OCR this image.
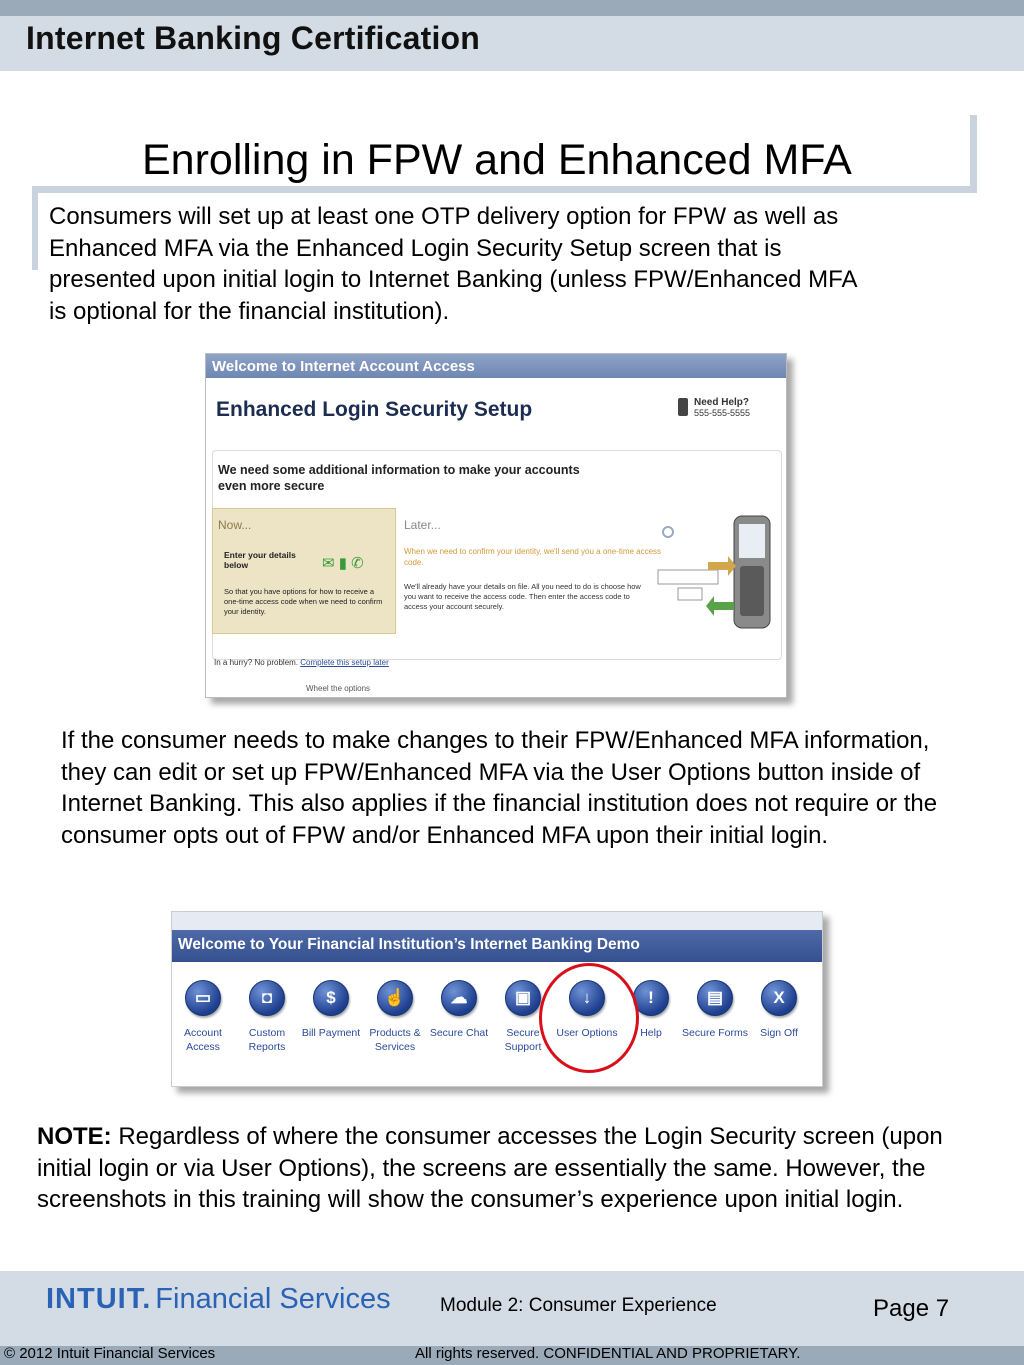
Internet Banking Certification
Enrolling in FPW and Enhanced MFA
Consumers will set up at least one OTP delivery option for FPW as well as Enhanced MFA via the Enhanced Login Security Setup screen that is presented upon initial login to Internet Banking (unless FPW/Enhanced MFA is optional for the financial institution).
Welcome to Internet Account Access
Enhanced Login Security Setup	Need Help?
555-555-5555
We need some additional information to make your accounts even more secure
Now...
Enter your details below	✉ ▮ ✆
So that you have options for how to receive a one-time access code when we need to confirm your identity.
Later...
When we need to confirm your identity, we'll send you a one-time access code.
We'll already have your details on file. All you need to do is choose how you want to receive the access code. Then enter the access code to access your account securely.
In a hurry? No problem. Complete this setup later
Wheel the options
If the consumer needs to make changes to their FPW/Enhanced MFA information, they can edit or set up FPW/Enhanced MFA via the User Options button inside of Internet Banking. This also applies if the financial institution does not require or the consumer opts out of FPW and/or Enhanced MFA upon their initial login.
Welcome to Your Financial Institution’s Internet Banking Demo
▭
Account Access
◘
Custom Reports
$
Bill Payment
☝
Products & Services
☁
Secure Chat
▣
Secure Support
↓
User Options
!
Help
▤
Secure Forms
X
Sign Off
NOTE: Regardless of where the consumer accesses the Login Security screen (upon initial login or via User Options), the screens are essentially the same. However, the screenshots in this training will show the consumer’s experience upon initial login.
INTUIT. Financial Services	Module 2: Consumer Experience	Page 7
© 2012 Intuit Financial Services	All rights reserved. CONFIDENTIAL AND PROPRIETARY.
